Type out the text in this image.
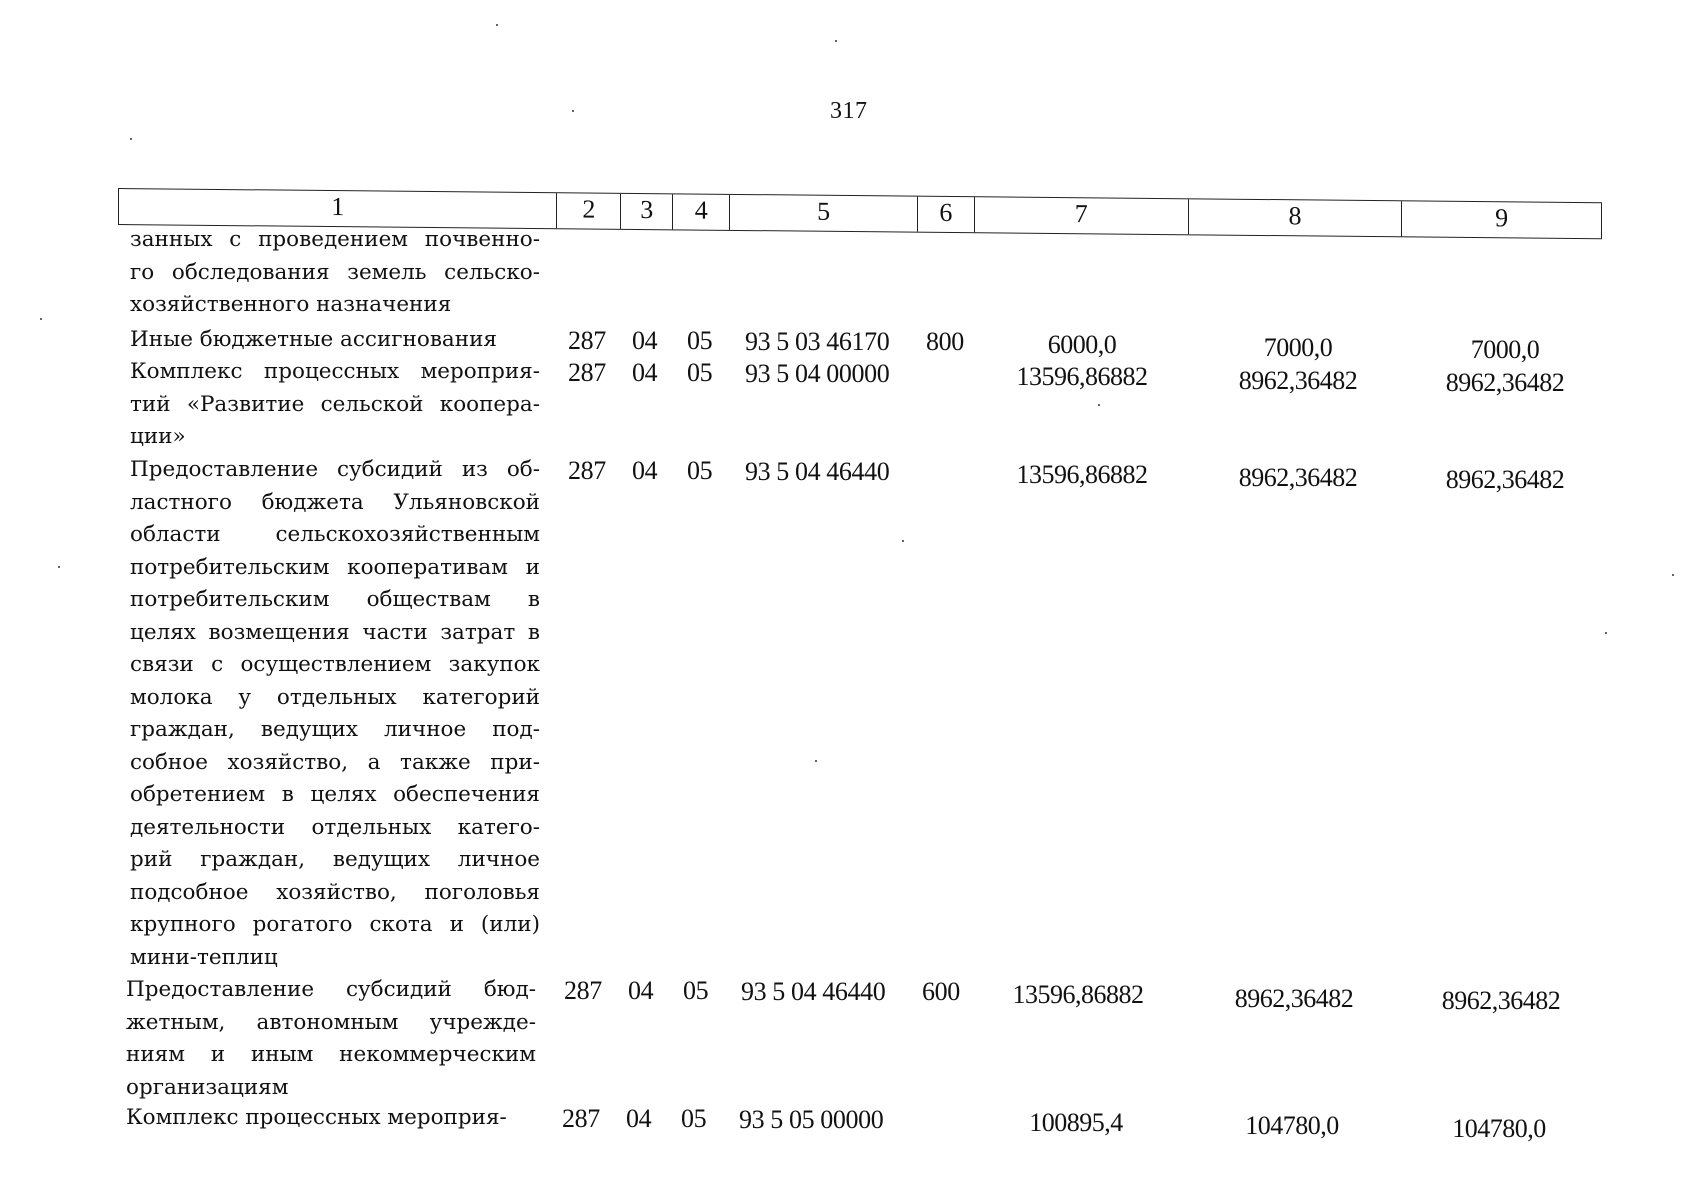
317
1	2	3	4	5	6	7	8	9
занных с проведением почвенно-
го обследования земель сельско-
хозяйственного назначения
Иные бюджетные ассигнования	287 04 05 93 5 03 46170 800	6000,0	7000,0	7000,0
Комплекс процессных мероприя-
тий «Развитие сельской коопера-
ции»
287 04 05 93 5 04 00000	13596,86882	8962,36482	8962,36482
Предоставление субсидий из об-
ластного бюджета Ульяновской
области сельскохозяйственным
потребительским кооперативам и
потребительским обществам в
целях возмещения части затрат в
связи с осуществлением закупок
молока у отдельных категорий
граждан, ведущих личное под-
собное хозяйство, а также при-
обретением в целях обеспечения
деятельности отдельных катего-
рий граждан, ведущих личное
подсобное хозяйство, поголовья
крупного рогатого скота и (или)
мини-теплиц
287 04 05 93 5 04 46440	13596,86882	8962,36482	8962,36482
Предоставление субсидий бюд-
жетным, автономным учрежде-
ниям и иным некоммерческим
организациям
287 04 05 93 5 04 46440 600	13596,86882	8962,36482	8962,36482
Комплекс процессных мероприя-	287 04 05 93 5 05 00000	100895,4	104780,0	104780,0
